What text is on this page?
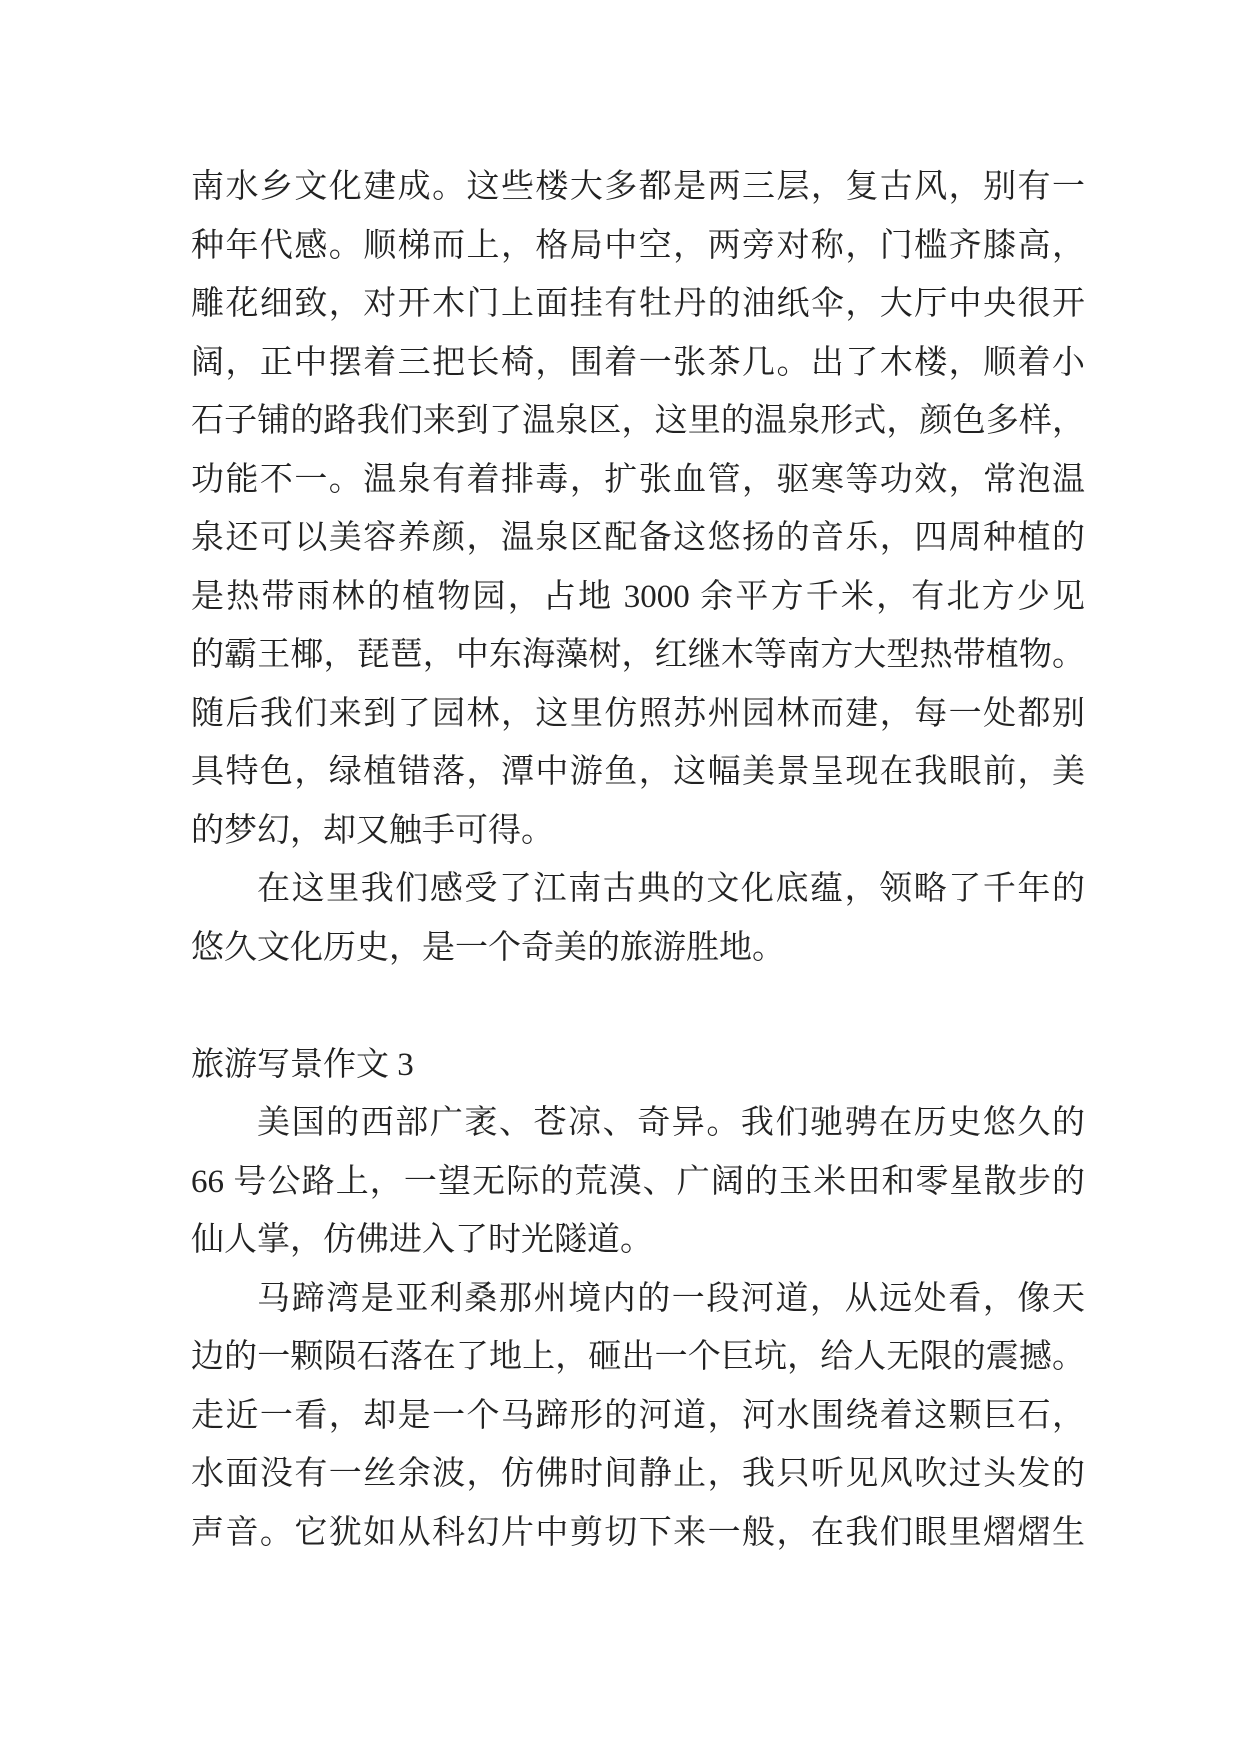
南水乡文化建成。这些楼大多都是两三层，复古风，别有一
种年代感。顺梯而上，格局中空，两旁对称，门槛齐膝高，
雕花细致，对开木门上面挂有牡丹的油纸伞，大厅中央很开
阔，正中摆着三把长椅，围着一张茶几。出了木楼，顺着小
石子铺的路我们来到了温泉区，这里的温泉形式，颜色多样，
功能不一。温泉有着排毒，扩张血管，驱寒等功效，常泡温
泉还可以美容养颜，温泉区配备这悠扬的音乐，四周种植的
是热带雨林的植物园，占地 3000 余平方千米，有北方少见
的霸王椰，琵琶，中东海藻树，红继木等南方大型热带植物。
随后我们来到了园林，这里仿照苏州园林而建，每一处都别
具特色，绿植错落，潭中游鱼，这幅美景呈现在我眼前，美
的梦幻，却又触手可得。
在这里我们感受了江南古典的文化底蕴，领略了千年的
悠久文化历史，是一个奇美的旅游胜地。

旅游写景作文 3
美国的西部广袤、苍凉、奇异。我们驰骋在历史悠久的
66 号公路上，一望无际的荒漠、广阔的玉米田和零星散步的
仙人掌，仿佛进入了时光隧道。
马蹄湾是亚利桑那州境内的一段河道，从远处看，像天
边的一颗陨石落在了地上，砸出一个巨坑，给人无限的震撼。
走近一看，却是一个马蹄形的河道，河水围绕着这颗巨石，
水面没有一丝余波，仿佛时间静止，我只听见风吹过头发的
声音。它犹如从科幻片中剪切下来一般，在我们眼里熠熠生
